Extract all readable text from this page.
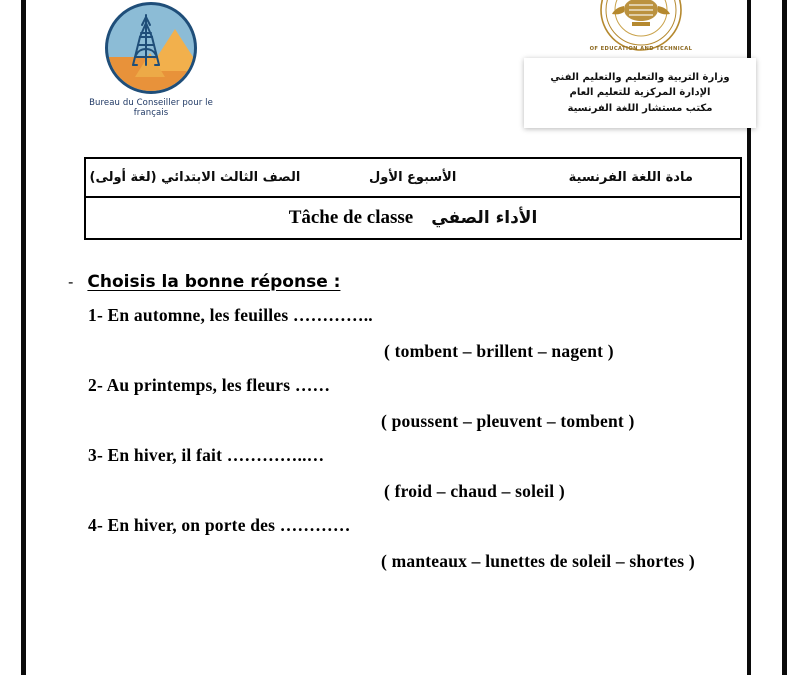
Bureau du Conseiller pour le français
OF EDUCATION AND TECHNICAL
وزارة التربية والتعليم والتعليم الفني
الإدارة المركزية للتعليم العام
مكتب مستشار اللغة الفرنسية
الصف الثالث الابتدائي (لغة أولى)	الأسبوع الأول	مادة اللغة الفرنسية
Tâche de classe الأداء الصفي
- Choisis la bonne réponse :
1- En automne, les feuilles …………..
( tombent – brillent – nagent )
2- Au printemps, les fleurs ……
( poussent – pleuvent – tombent )
3- En hiver, il fait …………..…
( froid – chaud – soleil )
4- En hiver, on porte des …………
( manteaux – lunettes de soleil – shortes )
